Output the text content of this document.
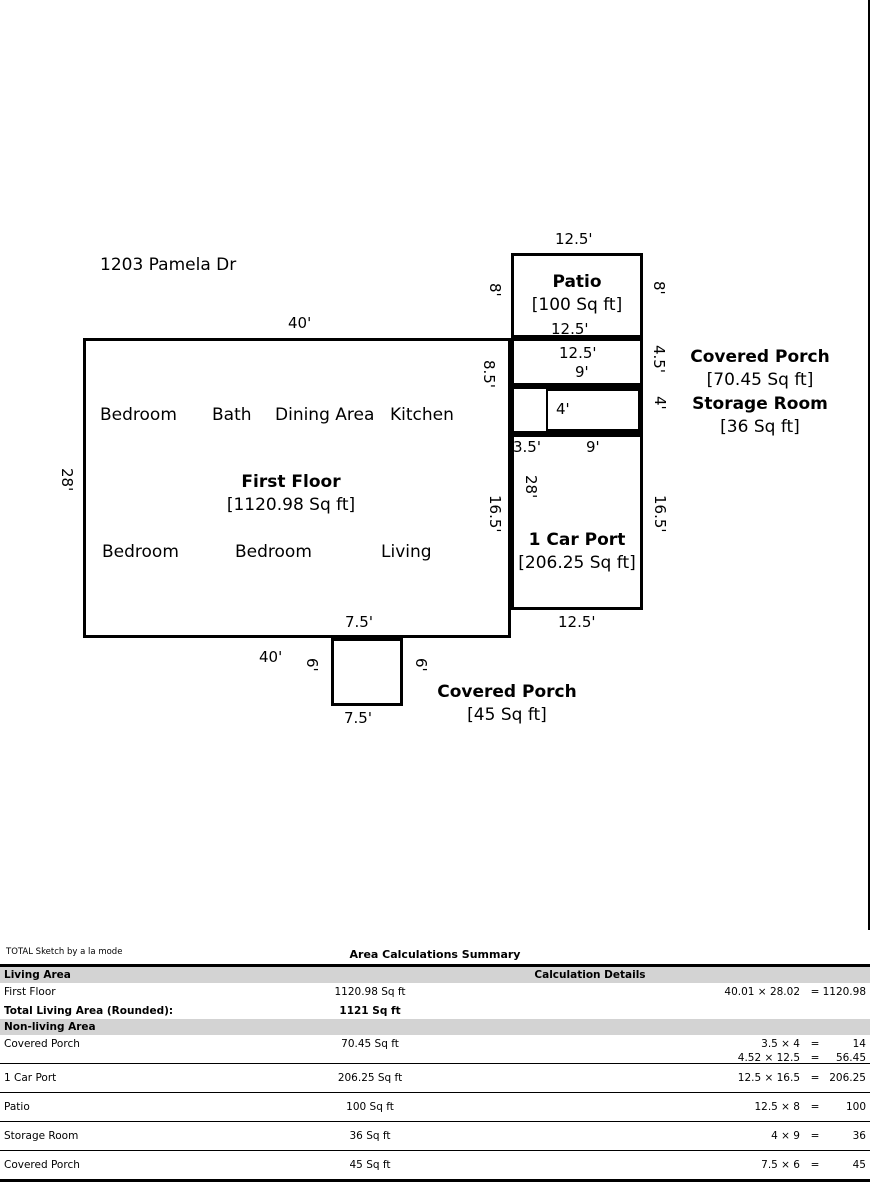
1203 Pamela Dr
First Floor
[1120.98 Sq ft]
Patio
[100 Sq ft]
Covered Porch
[70.45 Sq ft]
Storage Room
[36 Sq ft]
1 Car Port
[206.25 Sq ft]
Covered Porch
[45 Sq ft]
Bedroom Bath Dining Area Kitchen
Bedroom	Bedroom	Living
12.5'
8'	8'
40'	12.5'
12.5'
9'	4.5'
8.5'
4'	4'
3.5'	9'
16.5'
28'
16.5'
28'
7.5'	12.5'
40' 6'	6'
7.5'
TOTAL Sketch by a la mode	Area Calculations Summary
Living Area	Calculation Details
First Floor	1120.98 Sq ft	40.01 × 28.02 = 1120.98
Total Living Area (Rounded):	1121 Sq ft
Non-living Area
Covered Porch	70.45 Sq ft	3.5 × 4 =	14
4.52 × 12.5 =	56.45
1 Car Port	206.25 Sq ft	12.5 × 16.5 = 206.25
Patio	100 Sq ft	12.5 × 8 =	100
Storage Room	36 Sq ft	4 × 9 =	36
Covered Porch	45 Sq ft	7.5 × 6 =	45
